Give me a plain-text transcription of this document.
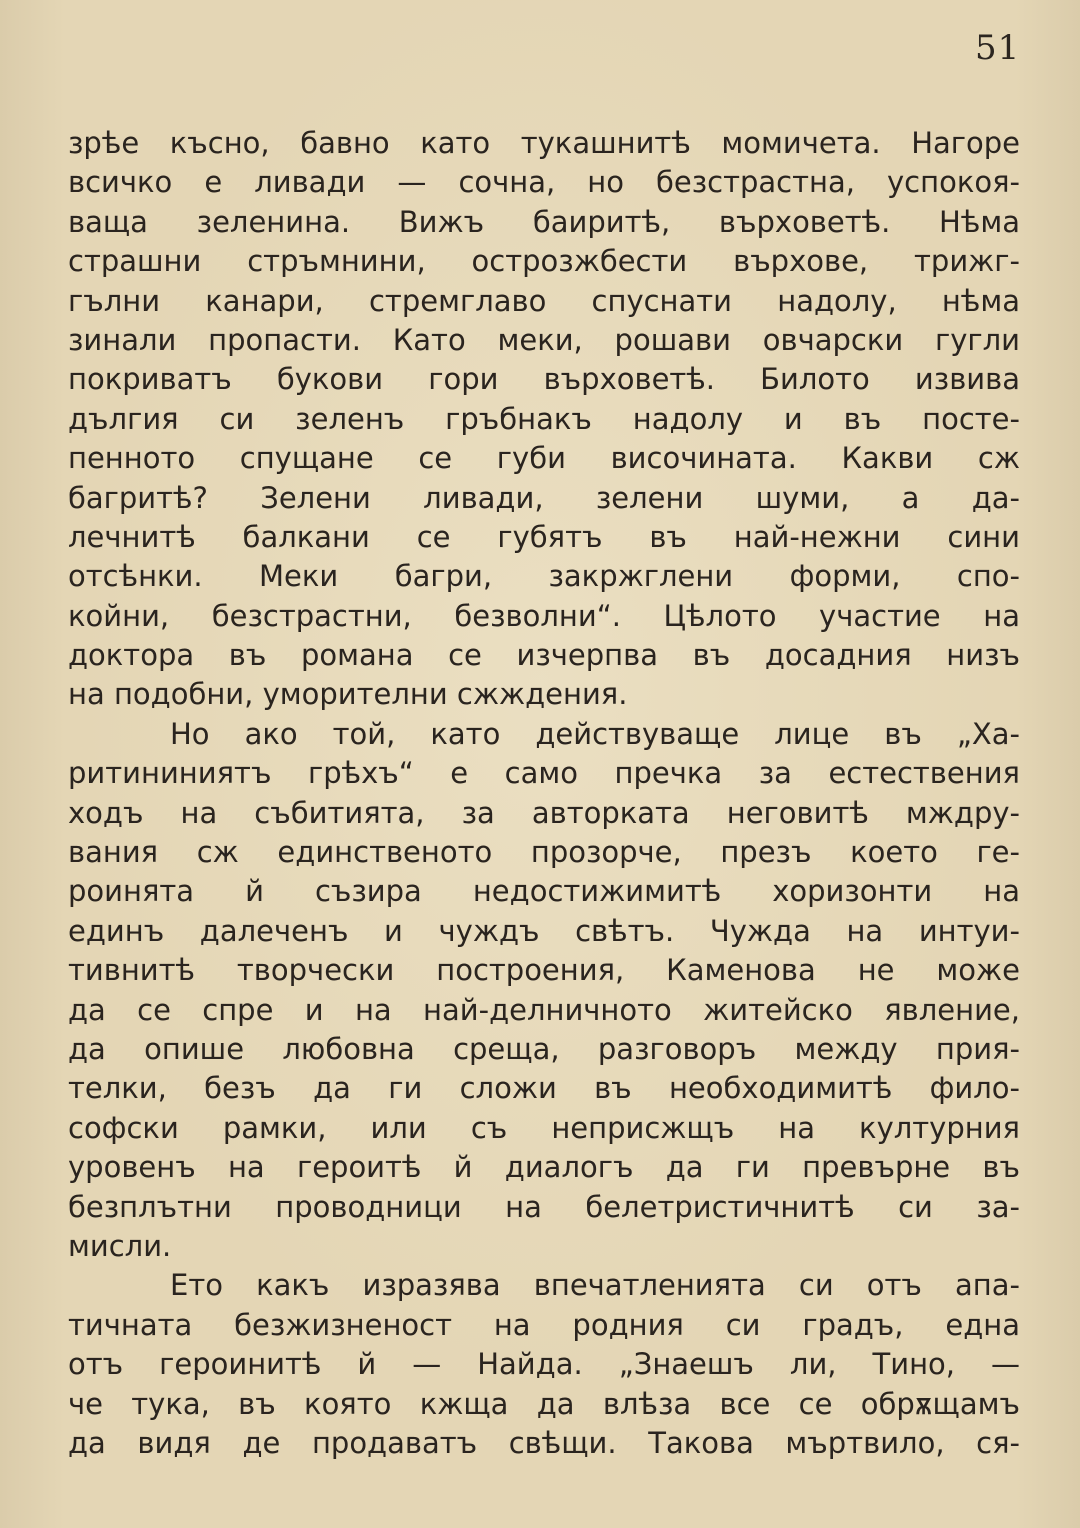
51
зрѣе късно, бавно като тукашнитѣ момичета. Нагоре
всичко е ливади — сочна, но безстрастна, успокоя-
ваща зеленина. Вижъ баиритѣ, върховетѣ. Нѣма
страшни стръмнини, острозжбести върхове, трижг-
гълни канари, стремглаво спуснати надолу, нѣма
зинали пропасти. Като меки, рошави овчарски гугли
покриватъ букови гори върховетѣ. Билото извива
дългия си зеленъ гръбнакъ надолу и въ посте-
пенното спущане се губи височината. Какви сж
багритѣ? Зелени ливади, зелени шуми, а да-
лечнитѣ балкани се губятъ въ най-нежни сини
отсѣнки. Меки багри, закржглени форми, спо-
койни, безстрастни, безволни“. Цѣлото участие на
доктора въ романа се изчерпва въ досадния низъ
на подобни, уморителни сжждения.
Но ако той, като действуваще лице въ „Ха-
ритининиятъ грѣхъ“ е само пречка за естествения
ходъ на събитията, за авторката неговитѣ мждру-
вания сж единственото прозорче, презъ което ге-
роинята й съзира недостижимитѣ хоризонти на
единъ далеченъ и чуждъ свѣтъ. Чужда на интуи-
тивнитѣ творчески построения, Каменова не може
да се спре и на най-делничното житейско явление,
да опише любовна среща, разговоръ между прия-
телки, безъ да ги сложи въ необходимитѣ фило-
софски рамки, или съ неприсжщъ на културния
уровенъ на героитѣ й диалогъ да ги превърне въ
безплътни проводници на белетристичнитѣ си за-
мисли.
Ето какъ изразява впечатленията си отъ апа-
тичната безжизненост на родния си градъ, една
отъ героинитѣ й — Найда. „Знаешъ ли, Тино, —
че тука, въ която кжща да влѣза все се обрѫщамъ
да видя де продаватъ свѣщи. Такова мъртвило, ся-
